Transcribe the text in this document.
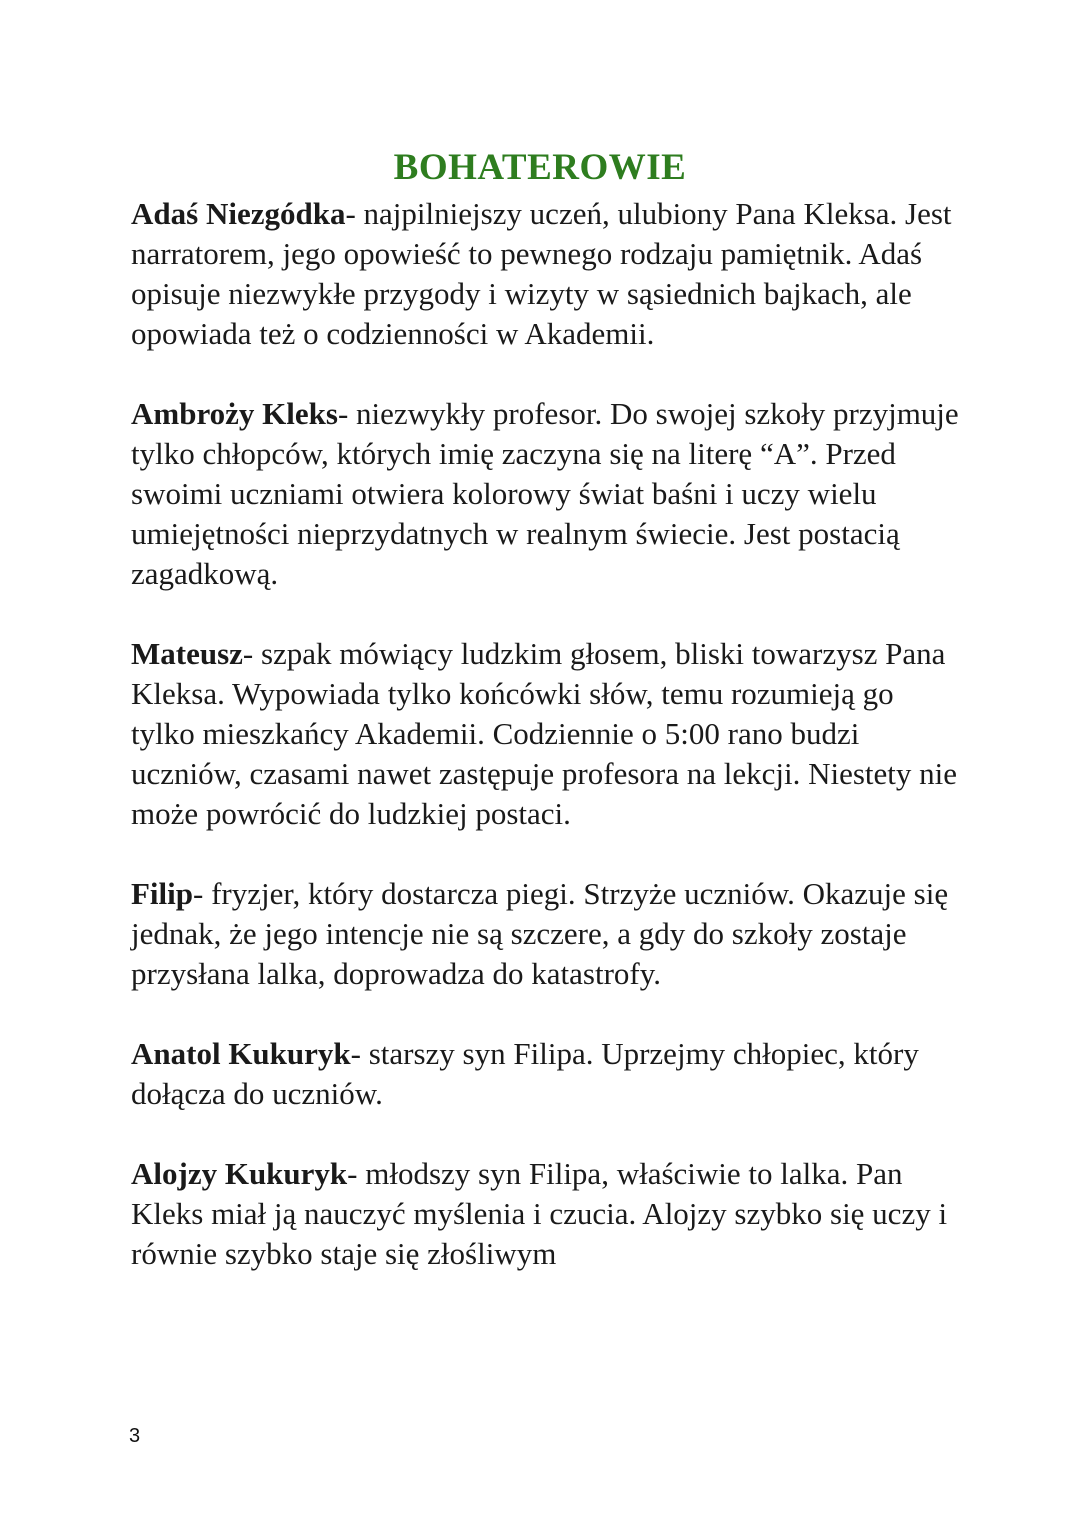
BOHATEROWIE

Adaś Niezgódka- najpilniejszy uczeń, ulubiony Pana Kleksa. Jest narratorem, jego opowieść to pewnego rodzaju pamiętnik. Adaś opisuje niezwykłe przygody i wizyty w sąsiednich bajkach, ale opowiada też o codzienności w Akademii.

Ambroży Kleks- niezwykły profesor. Do swojej szkoły przyjmuje tylko chłopców, których imię zaczyna się na literę “A”. Przed swoimi uczniami otwiera kolorowy świat baśni i uczy wielu umiejętności nieprzydatnych w realnym świecie. Jest postacią zagadkową.

Mateusz- szpak mówiący ludzkim głosem, bliski towarzysz Pana Kleksa. Wypowiada tylko końcówki słów, temu rozumieją go tylko mieszkańcy Akademii. Codziennie o 5:00 rano budzi uczniów, czasami nawet zastępuje profesora na lekcji. Niestety nie może powrócić do ludzkiej postaci.

Filip- fryzjer, który dostarcza piegi. Strzyże uczniów. Okazuje się jednak, że jego intencje nie są szczere, a gdy do szkoły zostaje przysłana lalka, doprowadza do katastrofy.

Anatol Kukuryk- starszy syn Filipa. Uprzejmy chłopiec, który dołącza do uczniów.

Alojzy Kukuryk- młodszy syn Filipa, właściwie to lalka. Pan Kleks miał ją nauczyć myślenia i czucia. Alojzy szybko się uczy i równie szybko staje się złośliwym

3
